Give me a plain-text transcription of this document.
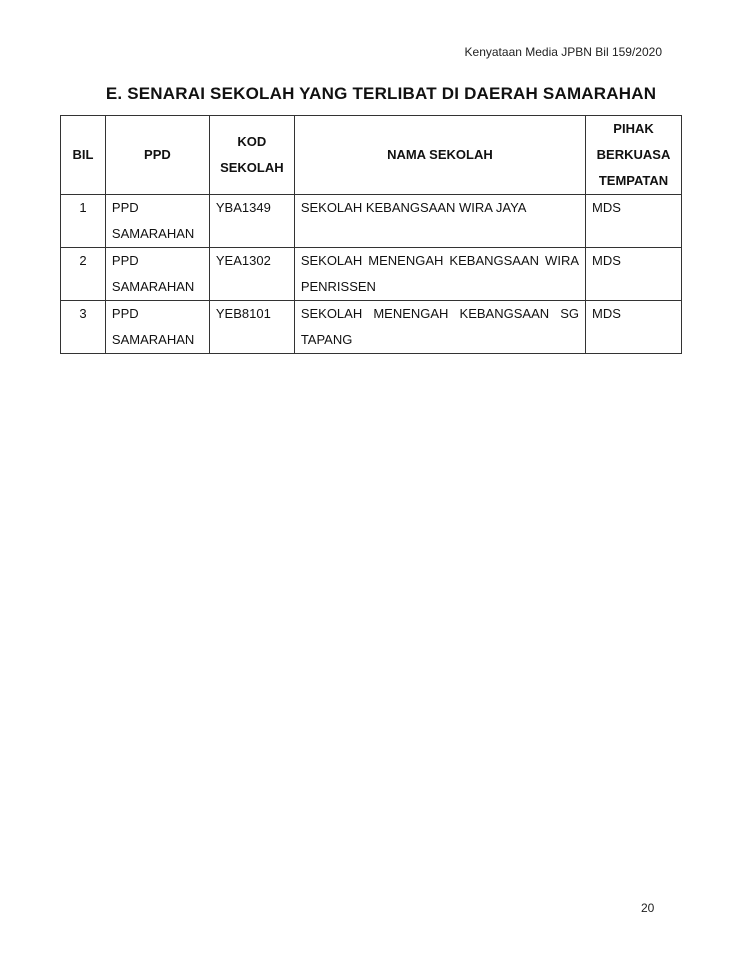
Kenyataan Media JPBN Bil 159/2020
E. SENARAI SEKOLAH YANG TERLIBAT DI DAERAH SAMARAHAN
BIL	PPD	KOD SEKOLAH	NAMA SEKOLAH	PIHAK BERKUASA TEMPATAN
1	PPD SAMARAHAN	YBA1349	SEKOLAH KEBANGSAAN WIRA JAYA	MDS
2	PPD SAMARAHAN	YEA1302	SEKOLAH MENENGAH KEBANGSAAN WIRA PENRISSEN	MDS
3	PPD SAMARAHAN	YEB8101	SEKOLAH MENENGAH KEBANGSAAN SG TAPANG	MDS
20
